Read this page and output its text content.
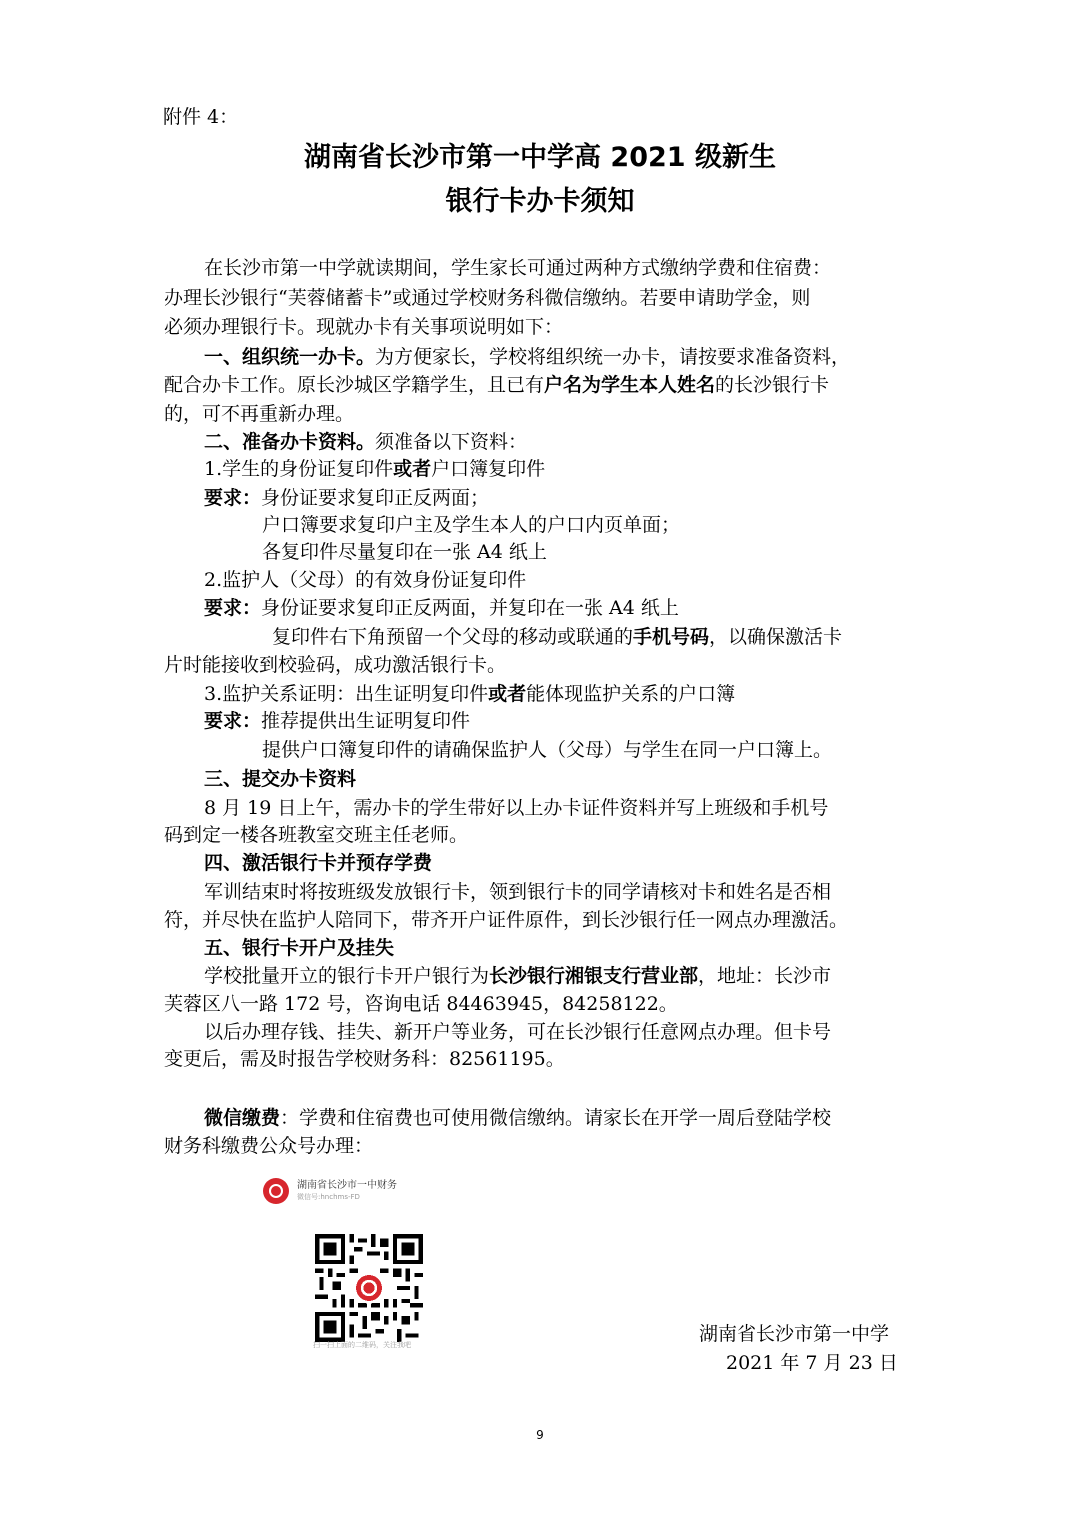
附件 4：
湖南省长沙市第一中学高 2021 级新生
银行卡办卡须知
在长沙市第一中学就读期间，学生家长可通过两种方式缴纳学费和住宿费：
办理长沙银行“芙蓉储蓄卡”或通过学校财务科微信缴纳。若要申请助学金，则
必须办理银行卡。现就办卡有关事项说明如下：
一、组织统一办卡。为方便家长，学校将组织统一办卡，请按要求准备资料，
配合办卡工作。原长沙城区学籍学生，且已有户名为学生本人姓名的长沙银行卡
的，可不再重新办理。
二、准备办卡资料。须准备以下资料：
1.学生的身份证复印件或者户口簿复印件
要求：身份证要求复印正反两面；
户口簿要求复印户主及学生本人的户口内页单面；
各复印件尽量复印在一张 A4 纸上
2.监护人（父母）的有效身份证复印件
要求：身份证要求复印正反两面，并复印在一张 A4 纸上
复印件右下角预留一个父母的移动或联通的手机号码，以确保激活卡
片时能接收到校验码，成功激活银行卡。
3.监护关系证明：出生证明复印件或者能体现监护关系的户口簿
要求：推荐提供出生证明复印件
提供户口簿复印件的请确保监护人（父母）与学生在同一户口簿上。
三、提交办卡资料
8 月 19 日上午，需办卡的学生带好以上办卡证件资料并写上班级和手机号
码到定一楼各班教室交班主任老师。
四、激活银行卡并预存学费
军训结束时将按班级发放银行卡，领到银行卡的同学请核对卡和姓名是否相
符，并尽快在监护人陪同下，带齐开户证件原件，到长沙银行任一网点办理激活。
五、银行卡开户及挂失
学校批量开立的银行卡开户银行为长沙银行湘银支行营业部，地址：长沙市
芙蓉区八一路 172 号，咨询电话 84463945，84258122。
以后办理存钱、挂失、新开户等业务，可在长沙银行任意网点办理。但卡号
变更后，需及时报告学校财务科：82561195。
微信缴费：学费和住宿费也可使用微信缴纳。请家长在开学一周后登陆学校
财务科缴费公众号办理：
湖南省长沙市一中财务
微信号:hnchms-FD
扫一扫上面的二维码，关注我吧	湖南省长沙市第一中学
2021 年 7 月 23 日
9
